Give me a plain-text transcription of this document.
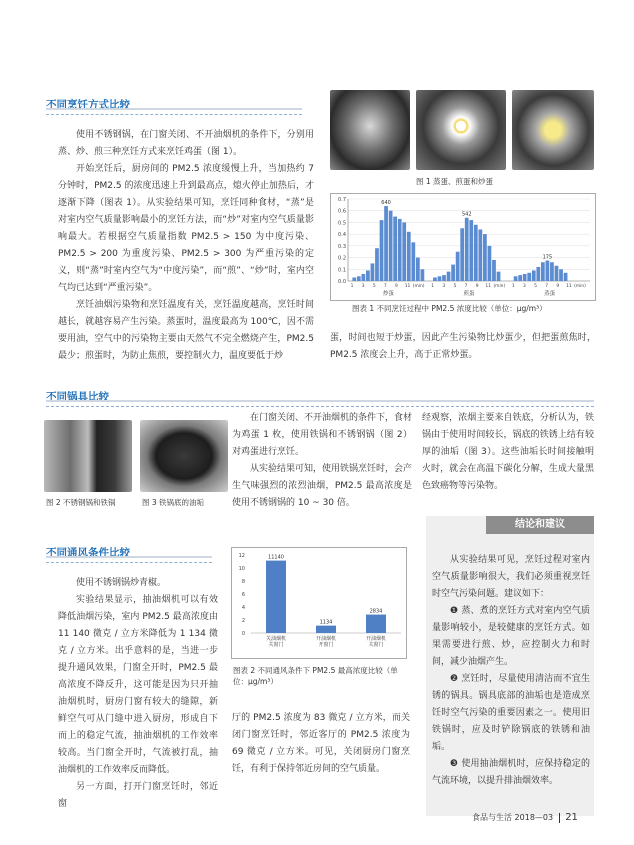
不同烹饪方式比较

使用不锈钢锅，在门窗关闭、不开油烟机的条件下，分别用蒸、炒、煎三种烹饪方式来烹饪鸡蛋（图 1）。

开始烹饪后，厨房间的 PM2.5 浓度缓慢上升，当加热约 7 分钟时，PM2.5 的浓度迅速上升到最高点，熄火停止加热后，才逐渐下降（图表 1）。从实验结果可知，烹饪同种食材，“蒸”是对室内空气质量影响最小的烹饪方法，而“炒”对室内空气质量影响最大。若根据空气质量指数 PM2.5 > 150 为中度污染、PM2.5 > 200 为重度污染、PM2.5 > 300 为严重污染的定义，则“蒸”时室内空气为“中度污染”，而“煎”、“炒”时，室内空气均已达到“严重污染”。

烹饪油烟污染物和烹饪温度有关，烹饪温度越高，烹饪时间越长，就越容易产生污染。蒸蛋时，温度最高为 100℃，因不需要用油，空气中的污染物主要由天然气不完全燃烧产生，PM2.5 最少；煎蛋时，为防止焦煎，要控制火力，温度要低于炒

图 1 蒸蛋、煎蛋和炒蛋
0.0
0.1
0.2
0.3
0.4
0.5
0.6
0.7
640
1 3 5 7 9 11 (min)
炒蛋
542
1 3 5 7 9 11 (min)
煎蛋
175
1 3 5 7 9 11 (min)
蒸蛋
图表 1 不同烹饪过程中 PM2.5 浓度比较（单位：μg/m³）

蛋，时间也短于炒蛋，因此产生污染物比炒蛋少，但把蛋煎焦时，PM2.5 浓度会上升，高于正常炒蛋。

不同锅具比较
图 2 不锈钢锅和铁锅	图 3 铁锅底的油垢

在门窗关闭、不开油烟机的条件下，食材为鸡蛋 1 枚，使用铁锅和不锈钢锅（图 2）对鸡蛋进行烹饪。

从实验结果可知，使用铁锅烹饪时，会产生气味强烈的浓烈油烟，PM2.5 最高浓度是使用不锈钢锅的 10 ~ 30 倍。

经观察，浓烟主要来自铁底，分析认为，铁锅由于使用时间较长，锅底的铁锈上结有较厚的油垢（图 3）。这些油垢长时间接触明火时，就会在高温下碳化分解，生成大量黑色致癌物等污染物。

不同通风条件比较

使用不锈钢锅炒青椒。

实验结果显示，抽油烟机可以有效降低油烟污染，室内 PM2.5 最高浓度由 11 140 微克 / 立方米降低为 1 134 微克 / 立方米。出乎意料的是，当进一步提升通风效果，门窗全开时，PM2.5 最高浓度不降反升，这可能是因为只开抽油烟机时，厨房门窗有较大的缝隙，新鲜空气可从门缝中进入厨房，形成自下而上的稳定气流，抽油烟机的工作效率较高。当门窗全开时，气流被打乱，抽油烟机的工作效率反而降低。

另一方面，打开门窗烹饪时，邻近窗

0
2
4
6
8
10
12	11140
关油烟机
关窗门
1134
开油烟机
开窗门
2834
开油烟机
关窗门
图表 2 不同通风条件下 PM2.5 最高浓度比较（单位：μg/m³）

厅的 PM2.5 浓度为 83 微克 / 立方米，而关闭门窗烹饪时，邻近客厅的 PM2.5 浓度为 69 微克 / 立方米。可见，关闭厨房门窗烹饪，有利于保持邻近房间的空气质量。

结论和建议

从实验结果可见，烹饪过程对室内空气质量影响很大，我们必须重视烹饪时空气污染问题。建议如下：

❶ 蒸、煮的烹饪方式对室内空气质量影响较小，是较健康的烹饪方式。如果需要进行煎、炒，应控制火力和时间，减少油烟产生。

❷ 烹饪时，尽量使用清洁而不宜生锈的锅具。锅具底部的油垢也是造成烹饪时空气污染的重要因素之一。使用旧铁锅时，应及时铲除锅底的铁锈和油垢。

❸ 使用抽油烟机时，应保持稳定的气流环境，以提升排油烟效率。

食品与生活 2018—03 21
